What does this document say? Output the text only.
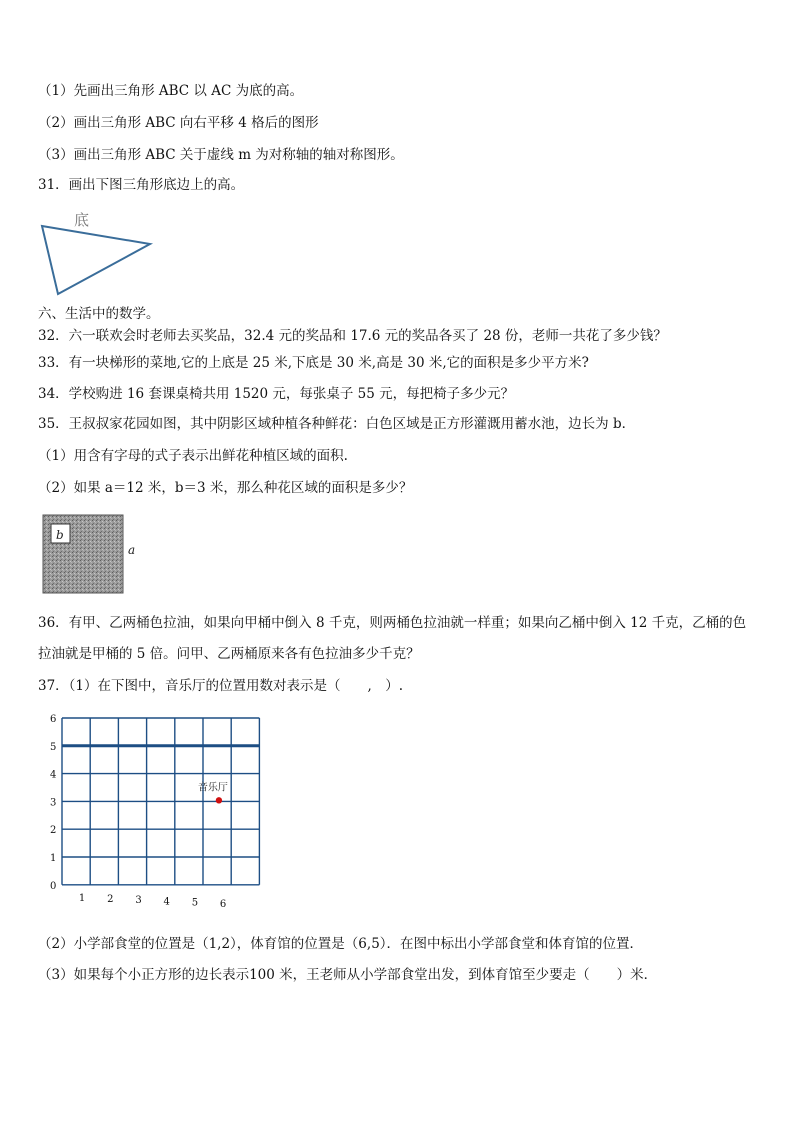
（1）先画出三角形 ABC 以 AC 为底的高。
（2）画出三角形 ABC 向右平移 4 格后的图形
（3）画出三角形 ABC 关于虚线 m 为对称轴的轴对称图形。
31．画出下图三角形底边上的高。
底
六、生活中的数学。
32．六一联欢会时老师去买奖品，32.4 元的奖品和 17.6 元的奖品各买了 28 份，老师一共花了多少钱？
33．有一块梯形的菜地,它的上底是 25 米,下底是 30 米,高是 30 米,它的面积是多少平方米?
34．学校购进 16 套课桌椅共用 1520 元，每张桌子 55 元，每把椅子多少元？
35．王叔叔家花园如图，其中阴影区域种植各种鲜花：白色区域是正方形灌溉用蓄水池，边长为 b．
（1）用含有字母的式子表示出鲜花种植区域的面积.
（2）如果 a＝12 米，b＝3 米，那么种花区域的面积是多少？
b
a
36．有甲、乙两桶色拉油，如果向甲桶中倒入 8 千克，则两桶色拉油就一样重；如果向乙桶中倒入 12 千克，乙桶的色
拉油就是甲桶的 5 倍。问甲、乙两桶原来各有色拉油多少千克？
37．（1）在下图中，音乐厅的位置用数对表示是（　　,　）.
6
5
4
3
2
1
0
1 2 3 4 5 6
音乐厅
（2）小学部食堂的位置是（1,2），体育馆的位置是（6,5）．在图中标出小学部食堂和体育馆的位置．
（3）如果每个小正方形的边长表示100 米，王老师从小学部食堂出发，到体育馆至少要走（　　）米．
